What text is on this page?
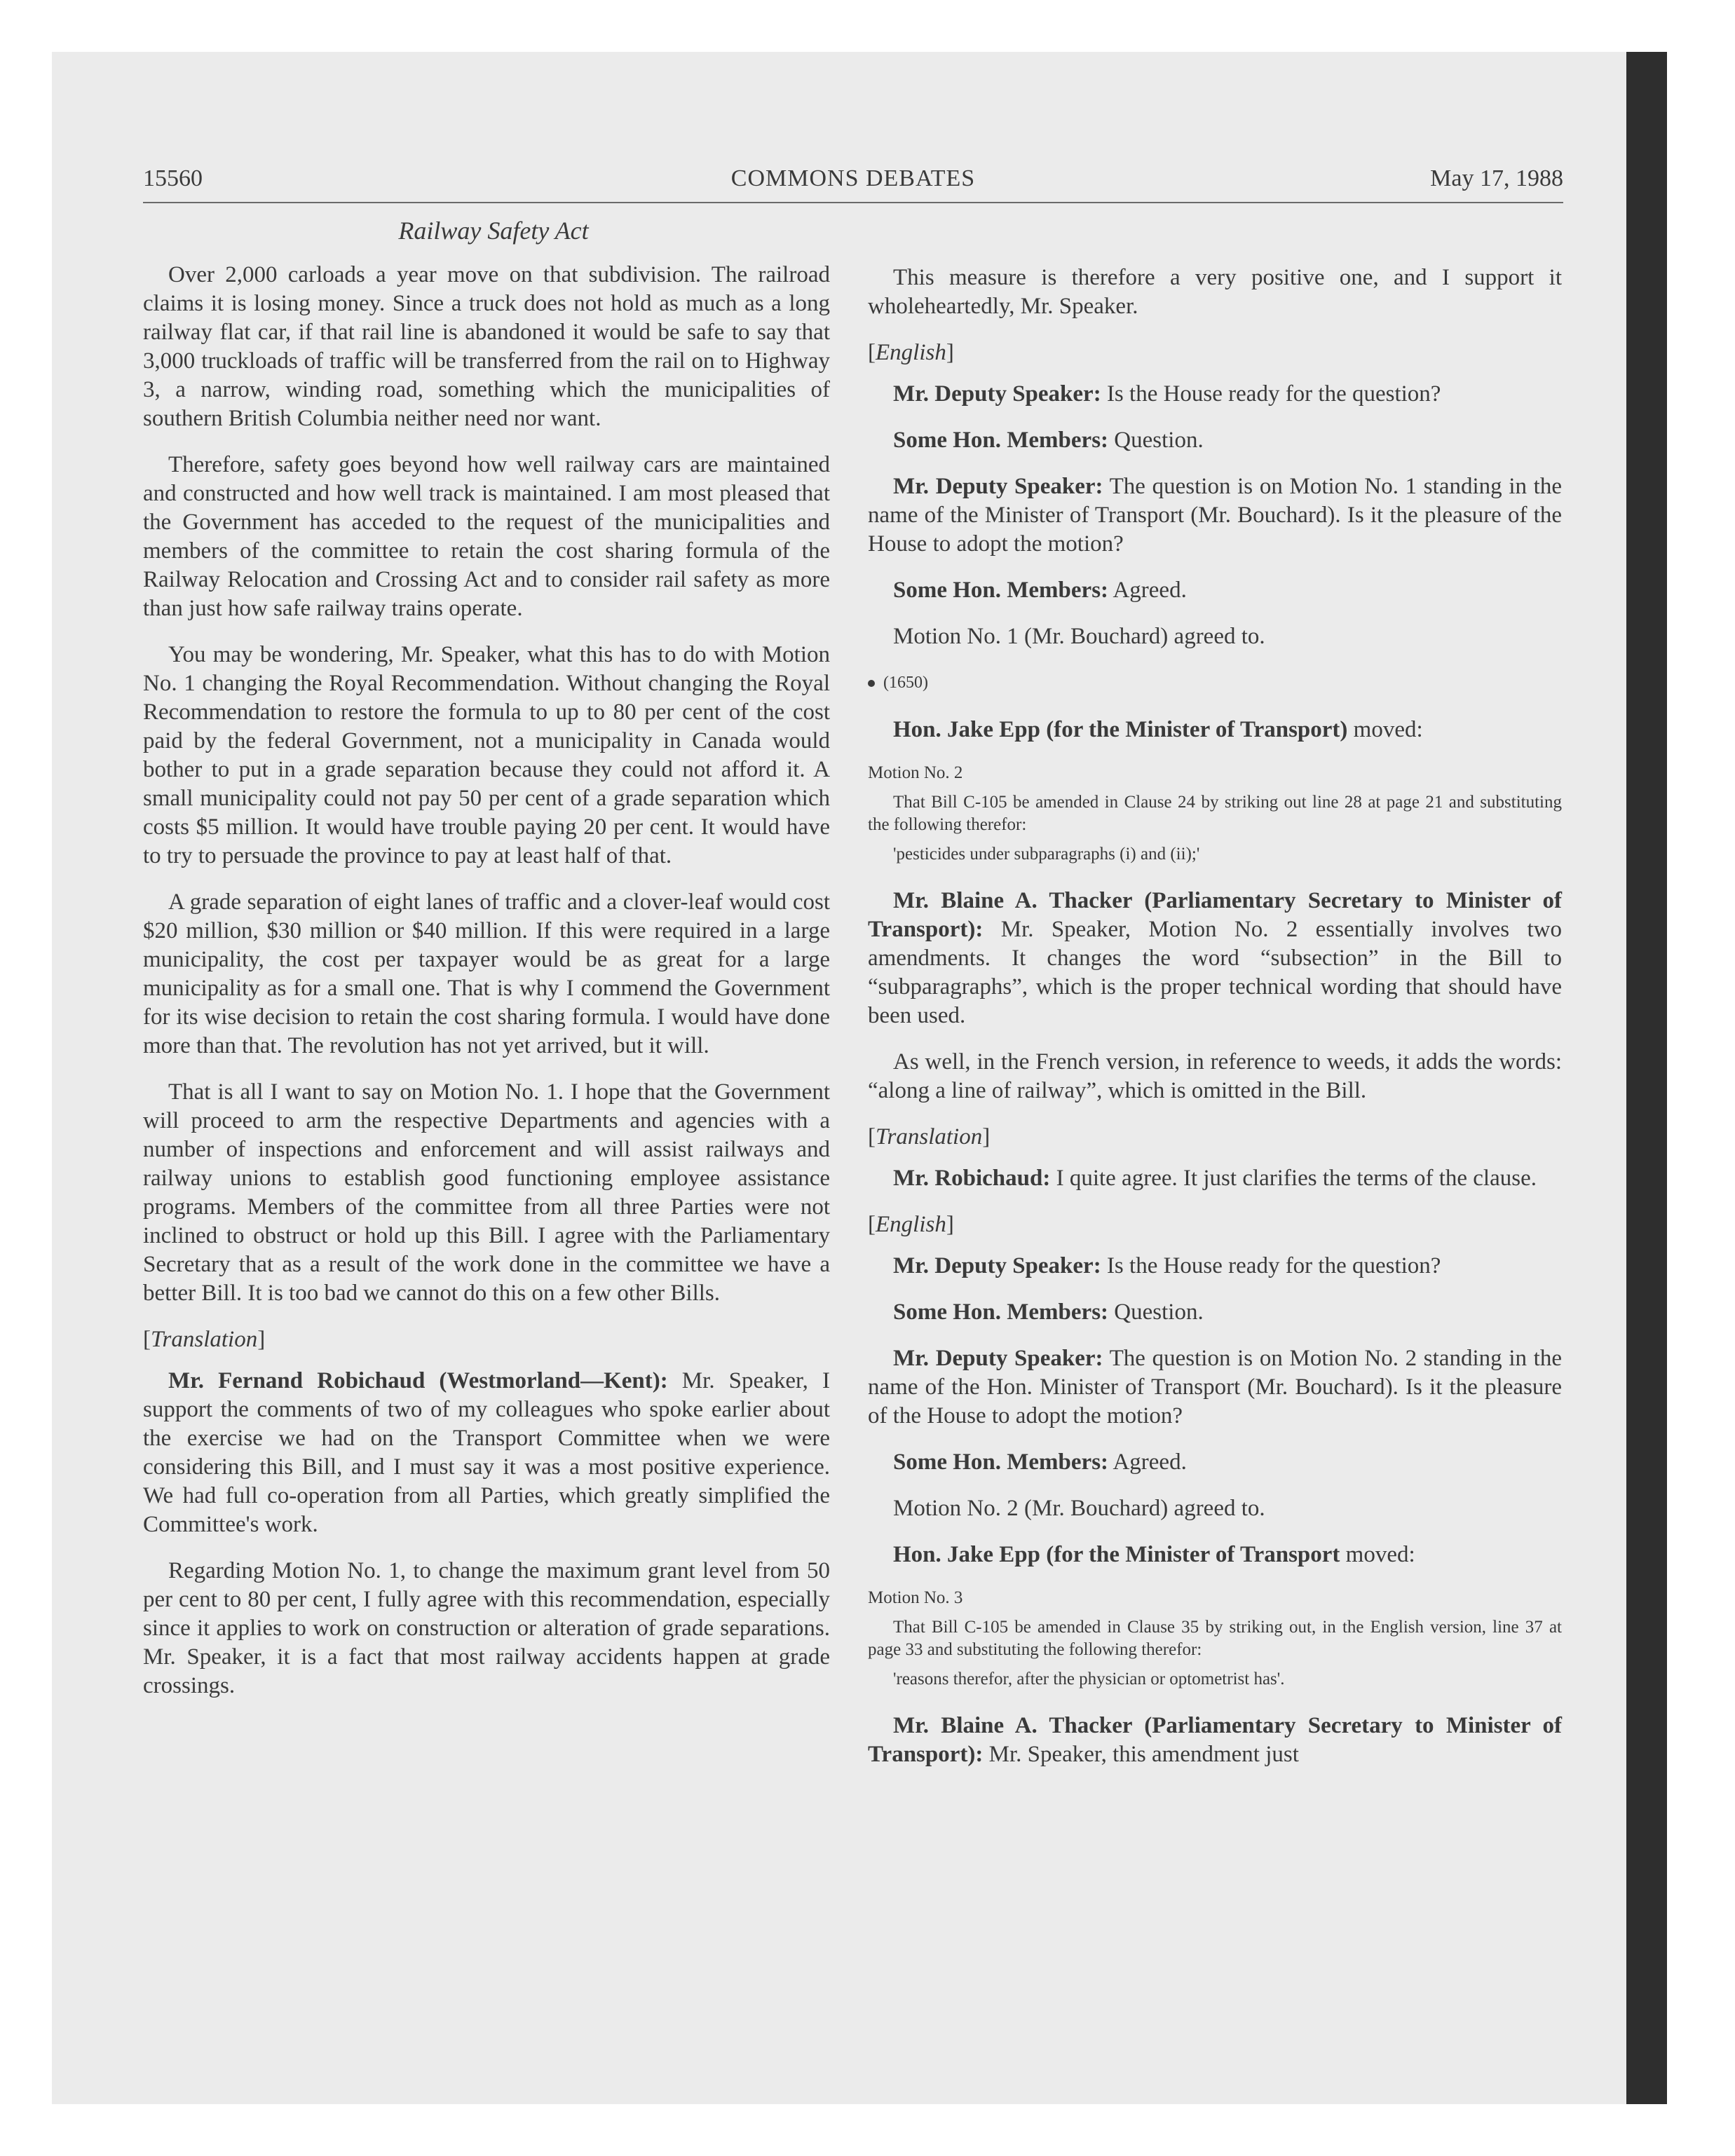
15560	COMMONS DEBATES	May 17, 1988
Railway Safety Act

Over 2,000 carloads a year move on that subdivision. The railroad claims it is losing money. Since a truck does not hold as much as a long railway flat car, if that rail line is abandoned it would be safe to say that 3,000 truckloads of traffic will be transferred from the rail on to Highway 3, a narrow, winding road, something which the municipalities of southern British Columbia neither need nor want.

Therefore, safety goes beyond how well railway cars are maintained and constructed and how well track is maintained. I am most pleased that the Government has acceded to the request of the municipalities and members of the committee to retain the cost sharing formula of the Railway Relocation and Crossing Act and to consider rail safety as more than just how safe railway trains operate.

You may be wondering, Mr. Speaker, what this has to do with Motion No. 1 changing the Royal Recommendation. Without changing the Royal Recommendation to restore the formula to up to 80 per cent of the cost paid by the federal Government, not a municipality in Canada would bother to put in a grade separation because they could not afford it. A small municipality could not pay 50 per cent of a grade separation which costs $5 million. It would have trouble paying 20 per cent. It would have to try to persuade the province to pay at least half of that.

A grade separation of eight lanes of traffic and a clover-leaf would cost $20 million, $30 million or $40 million. If this were required in a large municipality, the cost per taxpayer would be as great for a large municipality as for a small one. That is why I commend the Government for its wise decision to retain the cost sharing formula. I would have done more than that. The revolution has not yet arrived, but it will.

That is all I want to say on Motion No. 1. I hope that the Government will proceed to arm the respective Departments and agencies with a number of inspections and enforcement and will assist railways and railway unions to establish good functioning employee assistance programs. Members of the committee from all three Parties were not inclined to obstruct or hold up this Bill. I agree with the Parliamentary Secretary that as a result of the work done in the committee we have a better Bill. It is too bad we cannot do this on a few other Bills.

[Translation]

Mr. Fernand Robichaud (Westmorland—Kent): Mr. Speaker, I support the comments of two of my colleagues who spoke earlier about the exercise we had on the Transport Committee when we were considering this Bill, and I must say it was a most positive experience. We had full co-operation from all Parties, which greatly simplified the Committee's work.

Regarding Motion No. 1, to change the maximum grant level from 50 per cent to 80 per cent, I fully agree with this recommendation, especially since it applies to work on construction or alteration of grade separations. Mr. Speaker, it is a fact that most railway accidents happen at grade crossings.

This measure is therefore a very positive one, and I support it wholeheartedly, Mr. Speaker.

[English]

Mr. Deputy Speaker: Is the House ready for the question?

Some Hon. Members: Question.

Mr. Deputy Speaker: The question is on Motion No. 1 standing in the name of the Minister of Transport (Mr. Bouchard). Is it the pleasure of the House to adopt the motion?

Some Hon. Members: Agreed.

Motion No. 1 (Mr. Bouchard) agreed to.

(1650)

Hon. Jake Epp (for the Minister of Transport) moved:

Motion No. 2

That Bill C-105 be amended in Clause 24 by striking out line 28 at page 21 and substituting the following therefor:

'pesticides under subparagraphs (i) and (ii);'

Mr. Blaine A. Thacker (Parliamentary Secretary to Minister of Transport): Mr. Speaker, Motion No. 2 essentially involves two amendments. It changes the word “subsection” in the Bill to “subparagraphs”, which is the proper technical wording that should have been used.

As well, in the French version, in reference to weeds, it adds the words: “along a line of railway”, which is omitted in the Bill.

[Translation]

Mr. Robichaud: I quite agree. It just clarifies the terms of the clause.

[English]

Mr. Deputy Speaker: Is the House ready for the question?

Some Hon. Members: Question.

Mr. Deputy Speaker: The question is on Motion No. 2 standing in the name of the Hon. Minister of Transport (Mr. Bouchard). Is it the pleasure of the House to adopt the motion?

Some Hon. Members: Agreed.

Motion No. 2 (Mr. Bouchard) agreed to.

Hon. Jake Epp (for the Minister of Transport moved:

Motion No. 3

That Bill C-105 be amended in Clause 35 by striking out, in the English version, line 37 at page 33 and substituting the following therefor:

'reasons therefor, after the physician or optometrist has'.

Mr. Blaine A. Thacker (Parliamentary Secretary to Minister of Transport): Mr. Speaker, this amendment just
